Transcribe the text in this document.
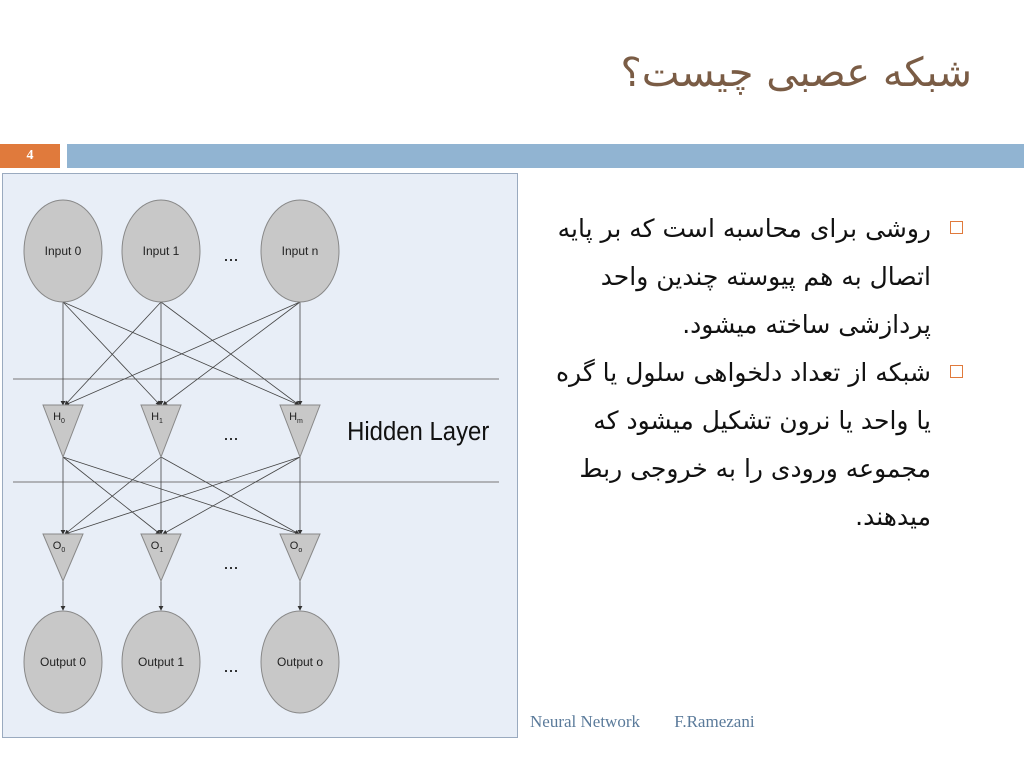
شبکه عصبی چیست؟
4
Input 0	Input 1	Input n
...
$H_0$	$H_1$	$H_m$
...	Hidden Layer
$O_0$	$O_1$	$O_o$
...
Output 0	Output 1	Output o
...
روشی برای محاسبه است که بر پایه اتصال به هم پیوسته چندین واحد پردازشی ساخته میشود.
شبکه از تعداد دلخواهی سلول یا گره یا واحد یا نرون تشکیل میشود که مجموعه ورودی را به خروجی ربط میدهند.
Neural Network F.Ramezani
